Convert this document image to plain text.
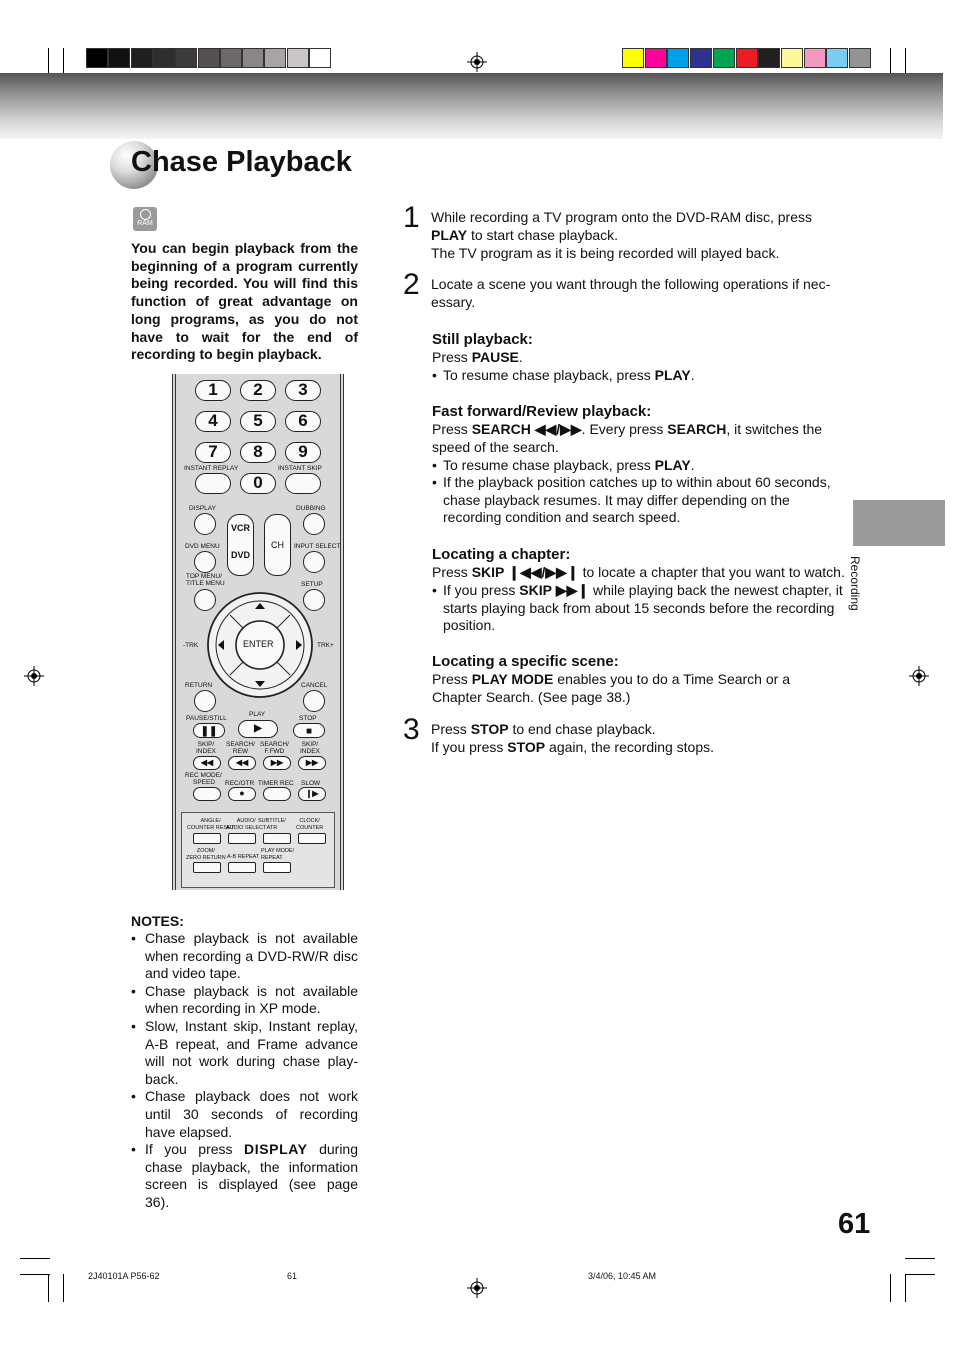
Chase Playback
RAM
You can begin playback from the beginning of a program currently being recorded. You will find this function of great advantage on long programs, as you do not have to wait for the end of recording to begin playback.
1	2	3
4	5	6
7	8	9
INSTANT REPLAY	INSTANT SKIP
0
DISPLAY	DUBBING
VCR

DVD
CH
DVD MENU	INPUT SELECT
TOP MENU/
TITLE MENU	SETUP
ENTER
-TRK	TRK+
RETURN	CANCEL
PAUSE/STILL
PLAY
STOP
❚❚	▶	■
SKIP/
INDEX
SEARCH/
REW
SEARCH/
F.FWD
SKIP/
INDEX
◀◀	◀◀	▶▶	▶▶
REC MODE/
SPEED	REC/OTR TIMER REC SLOW
●	❙▶
ANGLE/
COUNTER RESET
AUDIO/
AUDIO SELECT
SUBTITLE/
ATR
CLOCK/
COUNTER
ZOOM/
ZERO RETURN A-B REPEAT
PLAY MODE/
REPEAT
NOTES:
• Chase playback is not available when recording a DVD-RW/R disc and video tape.
• Chase playback is not available when recording in XP mode.
• Slow, Instant skip, Instant replay, A-B repeat, and Frame advance will not work during chase play-back.
• Chase playback does not work until 30 seconds of recording have elapsed.
• If you press DISPLAY during chase playback, the information screen is displayed (see page 36).
1 While recording a TV program onto the DVD-RAM disc, press PLAY to start chase playback.
The TV program as it is being recorded will played back.
2 Locate a scene you want through the following operations if nec-essary.
Still playback:
Press PAUSE.
• To resume chase playback, press PLAY.
Fast forward/Review playback:
Press SEARCH ◀◀/▶▶. Every press SEARCH, it switches the speed of the search.
• To resume chase playback, press PLAY.
• If the playback position catches up to within about 60 seconds, chase playback resumes. It may differ depending on the recording condition and search speed.
Locating a chapter:
Press SKIP ❙◀◀/▶▶❙ to locate a chapter that you want to watch.
• If you press SKIP ▶▶❙ while playing back the newest chapter, it starts playing back from about 15 seconds before the recording position.
Locating a specific scene:
Press PLAY MODE enables you to do a Time Search or a Chapter Search. (See page 38.)
3 Press STOP to end chase playback.
If you press STOP again, the recording stops.
Recording
61
2J40101A P56-62	61	3/4/06, 10:45 AM
